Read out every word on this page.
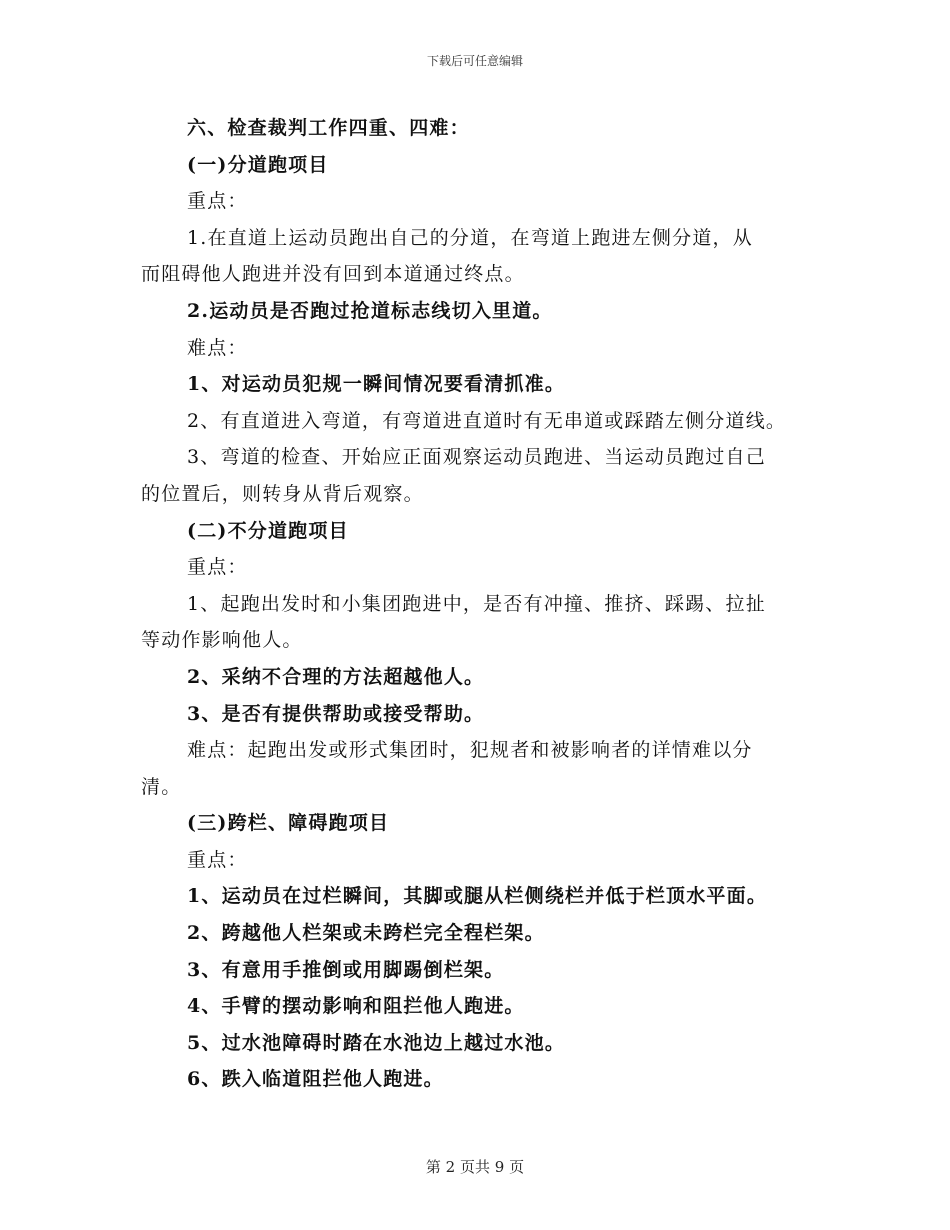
下载后可任意编辑
六、检查裁判工作四重、四难：
(一)分道跑项目
重点：
1.在直道上运动员跑出自己的分道，在弯道上跑进左侧分道，从
而阻碍他人跑进并没有回到本道通过终点。
2.运动员是否跑过抢道标志线切入里道。
难点：
1、对运动员犯规一瞬间情况要看清抓准。
2、有直道进入弯道，有弯道进直道时有无串道或踩踏左侧分道线。
3、弯道的检查、开始应正面观察运动员跑进、当运动员跑过自己
的位置后，则转身从背后观察。
(二)不分道跑项目
重点：
1、起跑出发时和小集团跑进中，是否有冲撞、推挤、踩踢、拉扯
等动作影响他人。
2、采纳不合理的方法超越他人。
3、是否有提供帮助或接受帮助。
难点：起跑出发或形式集团时，犯规者和被影响者的详情难以分
清。
(三)跨栏、障碍跑项目
重点：
1、运动员在过栏瞬间，其脚或腿从栏侧绕栏并低于栏顶水平面。
2、跨越他人栏架或未跨栏完全程栏架。
3、有意用手推倒或用脚踢倒栏架。
4、手臂的摆动影响和阻拦他人跑进。
5、过水池障碍时踏在水池边上越过水池。
6、跌入临道阻拦他人跑进。
第 2 页共 9 页
